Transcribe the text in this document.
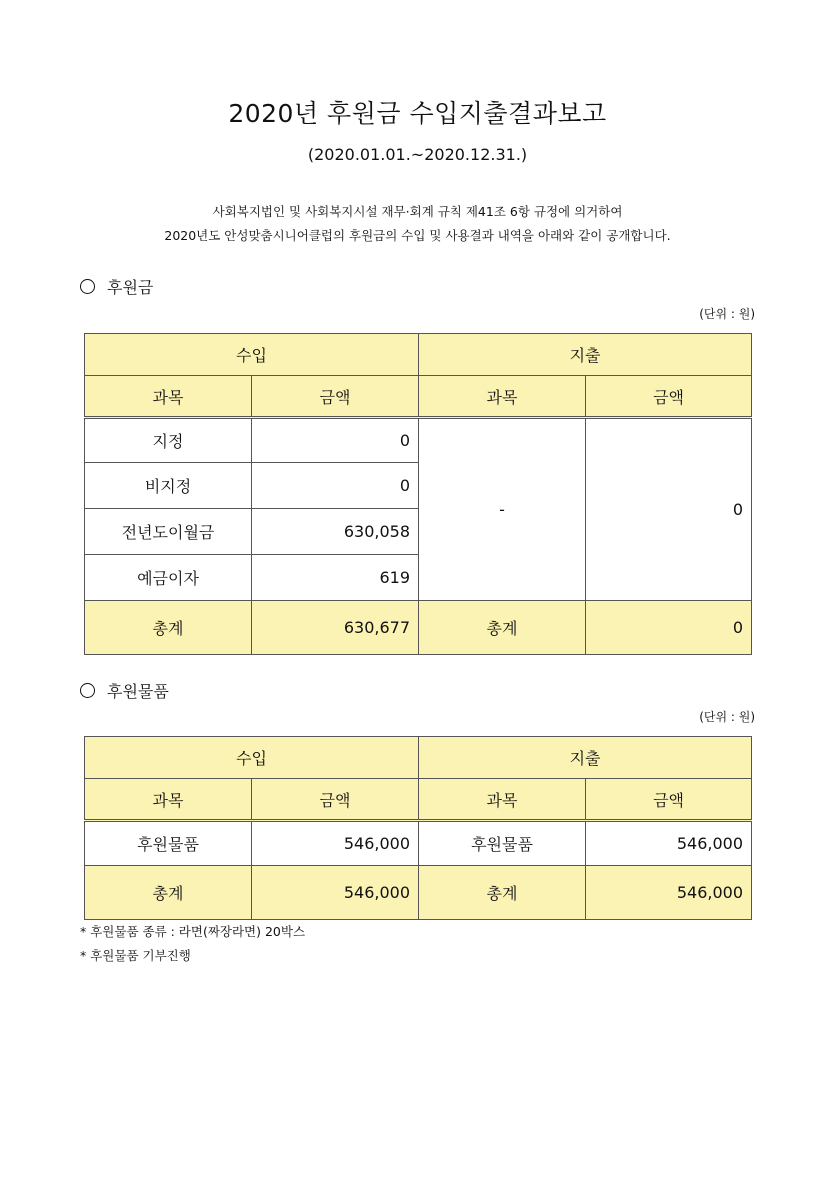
2020년 후원금 수입지출결과보고
(2020.01.01.~2020.12.31.)
사회복지법인 및 사회복지시설 재무·회계 규칙 제41조 6항 규정에 의거하여
2020년도 안성맞춤시니어클럽의 후원금의 수입 및 사용결과 내역을 아래와 같이 공개합니다.
후원금
(단위 : 원)
수입		지출	
과목	금액	과목	금액
지정	0	-	0
비지정	0		
전년도이월금	630,058		
예금이자	619		
총계	630,677	총계	0
후원물품
(단위 : 원)
수입		지출	
과목	금액	과목	금액
후원물품	546,000	후원물품	546,000
총계	546,000	총계	546,000
* 후원물품 종류 : 라면(짜장라면) 20박스
* 후원물품 기부진행
